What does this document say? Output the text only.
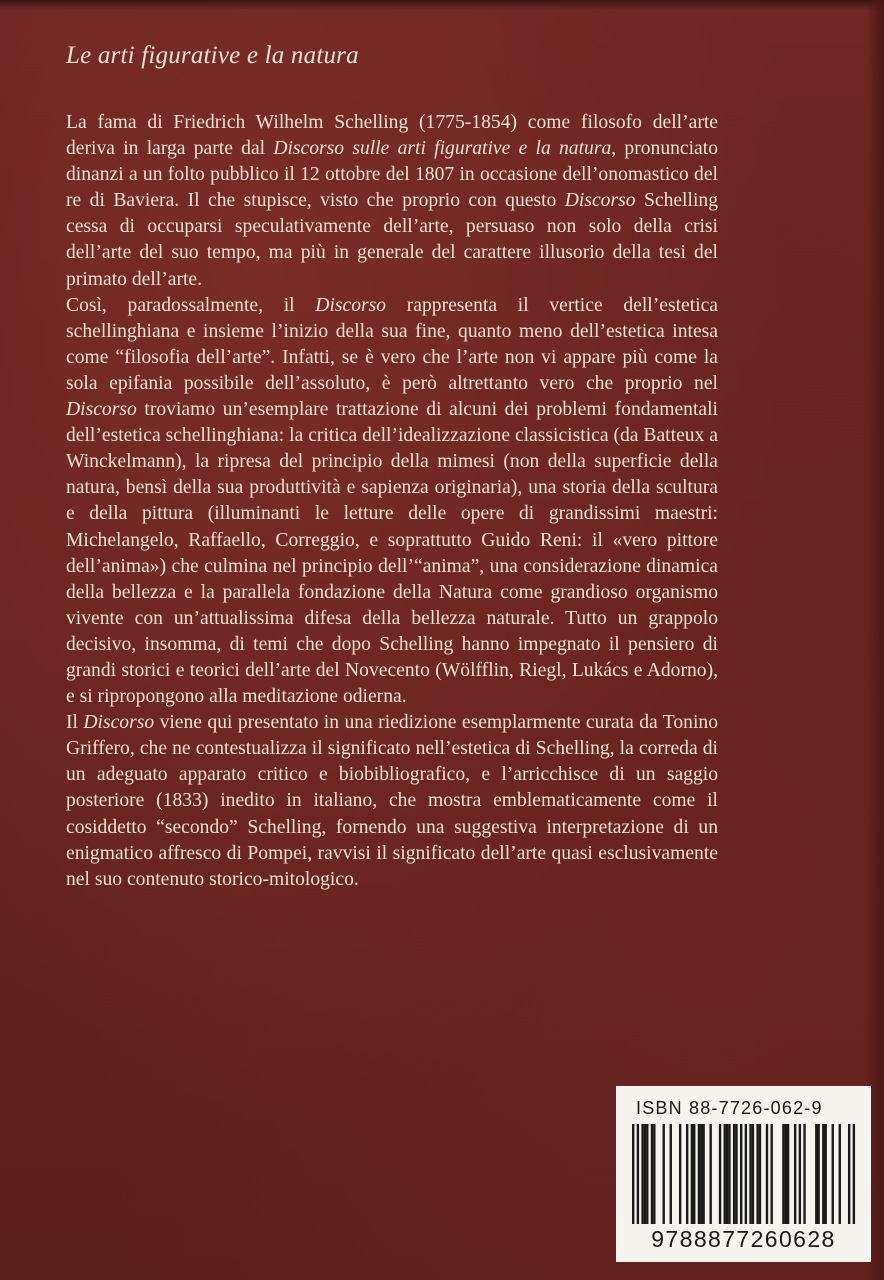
Le arti figurative e la natura

La fama di Friedrich Wilhelm Schelling (1775-1854) come filosofo dell’arte deriva in larga parte dal Discorso sulle arti figurative e la natura, pronunciato dinanzi a un folto pubblico il 12 ottobre del 1807 in occasione dell’onomastico del re di Baviera. Il che stupisce, visto che proprio con questo Discorso Schelling cessa di occuparsi speculativamente dell’arte, persuaso non solo della crisi dell’arte del suo tempo, ma più in generale del carattere illusorio della tesi del primato dell’arte.

Così, paradossalmente, il Discorso rappresenta il vertice dell’estetica schellinghiana e insieme l’inizio della sua fine, quanto meno dell’estetica intesa come “filosofia dell’arte”. Infatti, se è vero che l’arte non vi appare più come la sola epifania possibile dell’assoluto, è però altrettanto vero che proprio nel Discorso troviamo un’esemplare trattazione di alcuni dei problemi fondamentali dell’estetica schellinghiana: la critica dell’idealizzazione classicistica (da Batteux a Winckelmann), la ripresa del principio della mimesi (non della superficie della natura, bensì della sua produttività e sapienza originaria), una storia della scultura e della pittura (illuminanti le letture delle opere di grandissimi maestri: Michelangelo, Raffaello, Correggio, e soprattutto Guido Reni: il «vero pittore dell’anima») che culmina nel principio dell’“anima”, una considerazione dinamica della bellezza e la parallela fondazione della Natura come grandioso organismo vivente con un’attualissima difesa della bellezza naturale. Tutto un grappolo decisivo, insomma, di temi che dopo Schelling hanno impegnato il pensiero di grandi storici e teorici dell’arte del Novecento (Wölfflin, Riegl, Lukács e Adorno), e si ripropongono alla meditazione odierna.

Il Discorso viene qui presentato in una riedizione esemplarmente curata da Tonino Griffero, che ne contestualizza il significato nell’estetica di Schelling, la correda di un adeguato apparato critico e biobibliografico, e l’arricchisce di un saggio posteriore (1833) inedito in italiano, che mostra emblematicamente come il cosiddetto “secondo” Schelling, fornendo una suggestiva interpretazione di un enigmatico affresco di Pompei, ravvisi il significato dell’arte quasi esclusivamente nel suo contenuto storico-mitologico.

ISBN 88-7726-062-9
9788877260628
